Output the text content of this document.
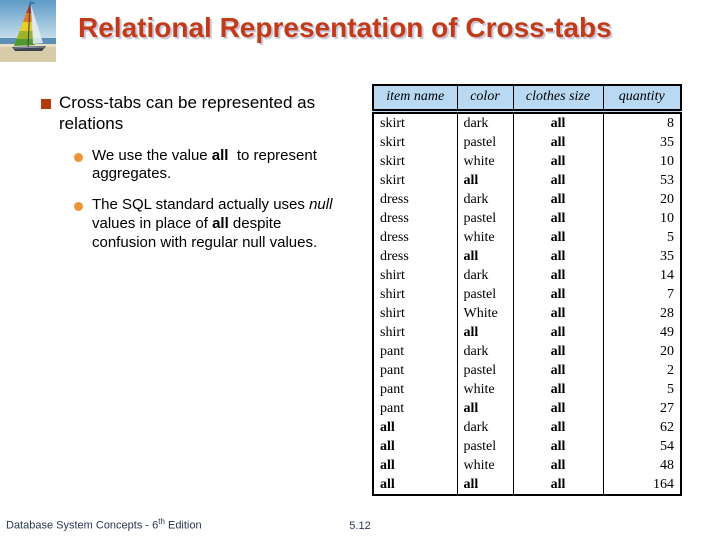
Relational Representation of Cross-tabs
Cross-tabs can be represented as relations
We use the value all  to represent aggregates.
The SQL standard actually uses null values in place of all despite confusion with regular null values.
item name	color	clothes size	quantity
skirt	dark	all	8
skirt	pastel	all	35
skirt	white	all	10
skirt	all	all	53
dress	dark	all	20
dress	pastel	all	10
dress	white	all	5
dress	all	all	35
shirt	dark	all	14
shirt	pastel	all	7
shirt	White	all	28
shirt	all	all	49
pant	dark	all	20
pant	pastel	all	2
pant	white	all	5
pant	all	all	27
all	dark	all	62
all	pastel	all	54
all	white	all	48
all	all	all	164
Database System Concepts - 6th Edition	5.12
